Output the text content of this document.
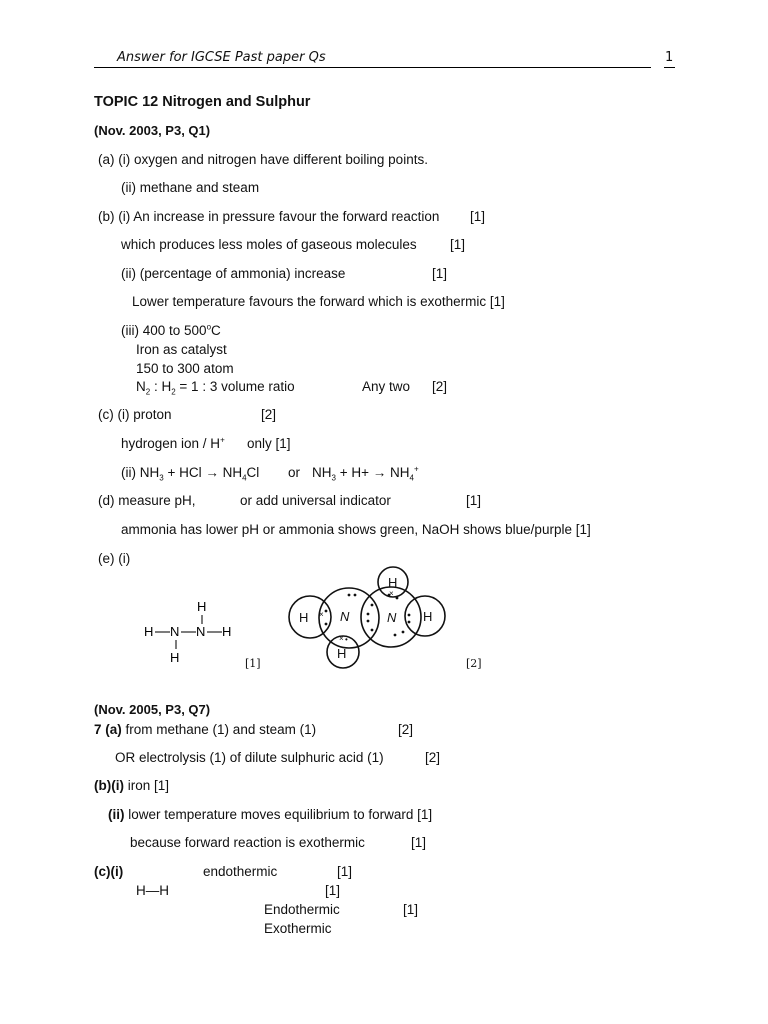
Answer for IGCSE Past paper Qs	1
TOPIC 12 Nitrogen and Sulphur
(Nov. 2003, P3, Q1)
(a) (i) oxygen and nitrogen have different boiling points.
(ii) methane and steam
(b) (i) An increase in pressure favour the forward reaction [1]
which produces less moles of gaseous molecules [1]
(ii) (percentage of ammonia) increase	[1]
Lower temperature favours the forward which is exothermic [1]
(iii) 400 to 500$^o$C
Iron as catalyst
150 to 300 atom
$N_2$ : $H_2 = 1$ : 3 volume ratio	Any two [2]
(c) (i) proton	[2]
hydrogen ion / H+ only [1]
(ii) $NH_3$ + HCl → $NH_4Cl$ or $NH_3 + H+ \to NH_4^+$
(d) measure pH,	or add universal indicator	[1]
ammonia has lower pH or ammonia shows green, NaOH shows blue/purple [1]
(e) (i)
H
H N N H
H	[1]
H
H N	N H
H
×
×
×
•
[2]
(Nov. 2005, P3, Q7)
7 (a) from methane (1) and steam (1)	[2]
OR electrolysis (1) of dilute sulphuric acid (1)	[2]
(b)(i) iron [1]
(ii) lower temperature moves equilibrium to forward [1]
because forward reaction is exothermic	[1]
(c)(i)	endothermic	[1]
H—H	[1]
Endothermic	[1]
Exothermic
